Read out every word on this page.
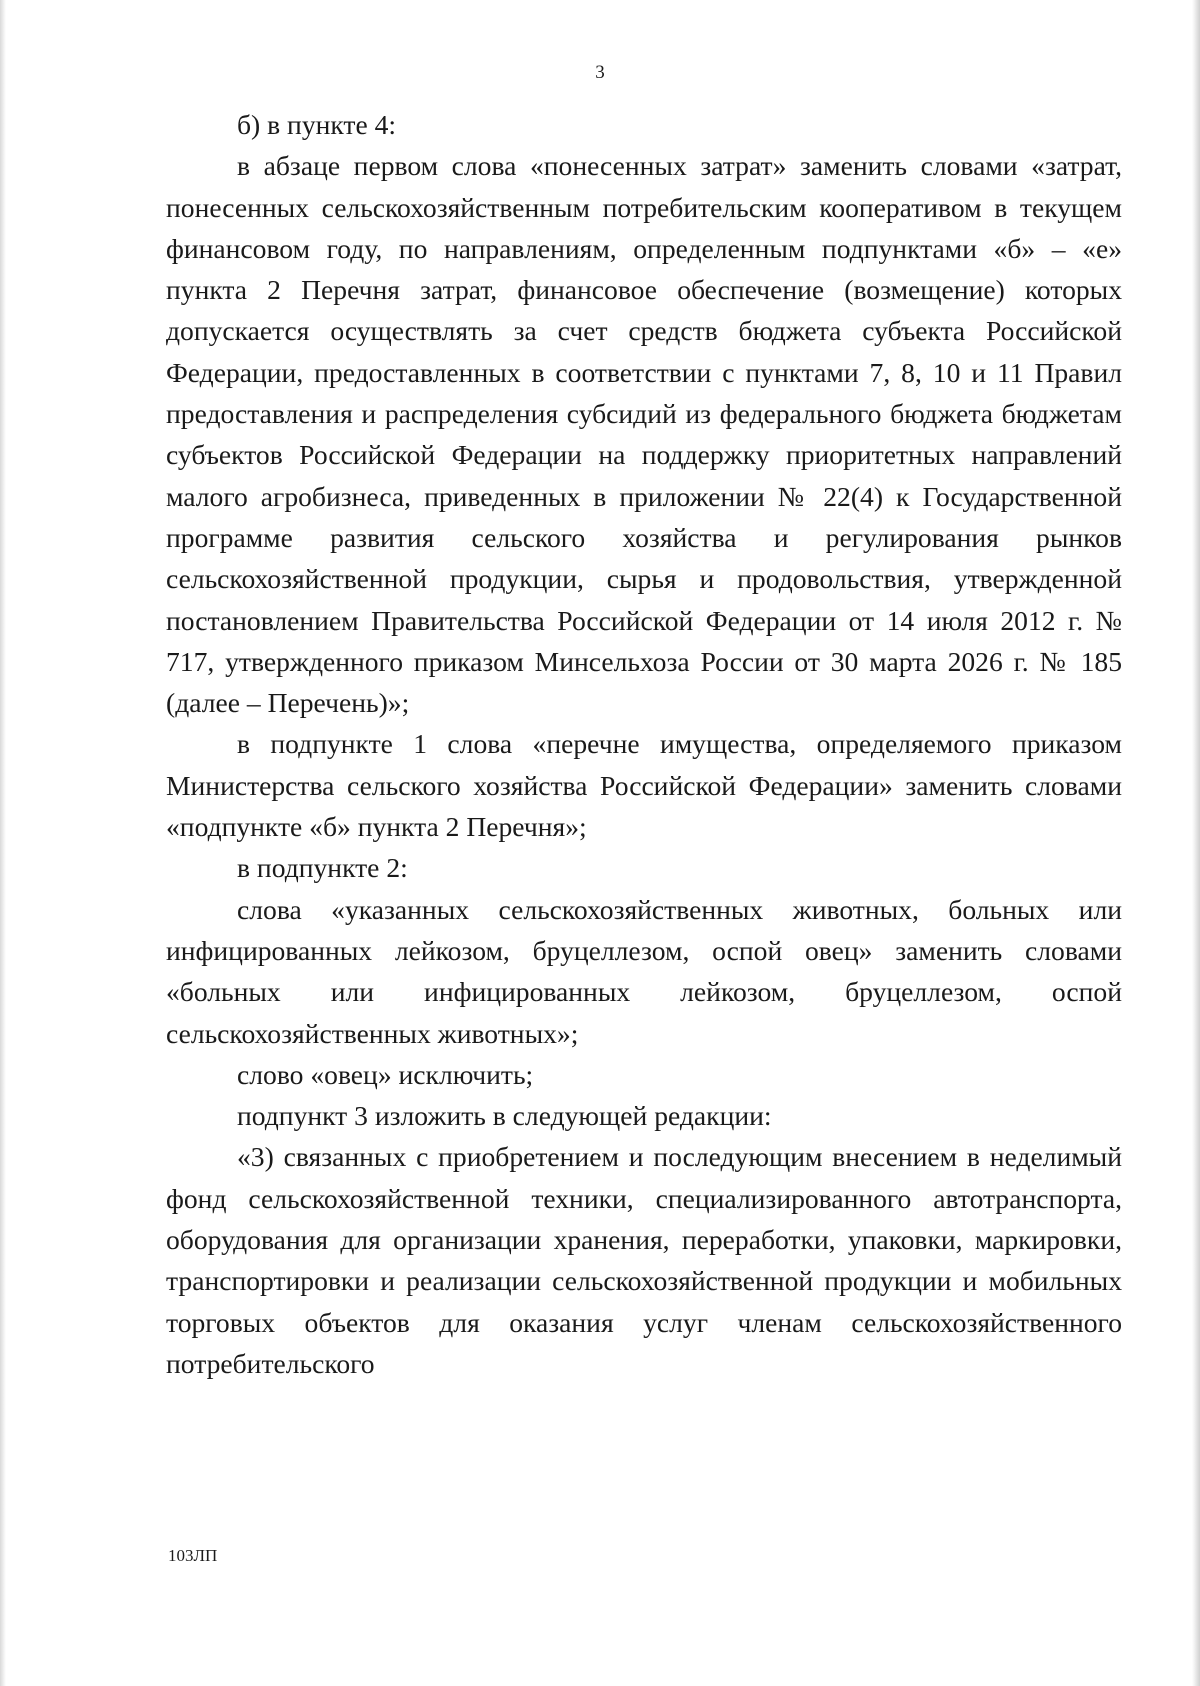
3

б) в пункте 4:

в абзаце первом слова «понесенных затрат» заменить словами «затрат, понесенных сельскохозяйственным потребительским кооперативом в текущем финансовом году, по направлениям, определенным подпунктами «б» – «е» пункта 2 Перечня затрат, финансовое обеспечение (возмещение) которых допускается осуществлять за счет средств бюджета субъекта Российской Федерации, предоставленных в соответствии с пунктами 7, 8, 10 и 11 Правил предоставления и распределения субсидий из федерального бюджета бюджетам субъектов Российской Федерации на поддержку приоритетных направлений малого агробизнеса, приведенных в приложении № 22(4) к Государственной программе развития сельского хозяйства и регулирования рынков сельскохозяйственной продукции, сырья и продовольствия, утвержденной постановлением Правительства Российской Федерации от 14 июля 2012 г. № 717, утвержденного приказом Минсельхоза России от 30 марта 2026 г. № 185 (далее – Перечень)»;

в подпункте 1 слова «перечне имущества, определяемого приказом Министерства сельского хозяйства Российской Федерации» заменить словами «подпункте «б» пункта 2 Перечня»;

в подпункте 2:

слова «указанных сельскохозяйственных животных, больных или инфицированных лейкозом, бруцеллезом, оспой овец» заменить словами «больных или инфицированных лейкозом, бруцеллезом, оспой сельскохозяйственных животных»;

слово «овец» исключить;

подпункт 3 изложить в следующей редакции:

«3) связанных с приобретением и последующим внесением в неделимый фонд сельскохозяйственной техники, специализированного автотранспорта, оборудования для организации хранения, переработки, упаковки, маркировки, транспортировки и реализации сельскохозяйственной продукции и мобильных торговых объектов для оказания услуг членам сельскохозяйственного потребительского

103ЛП
